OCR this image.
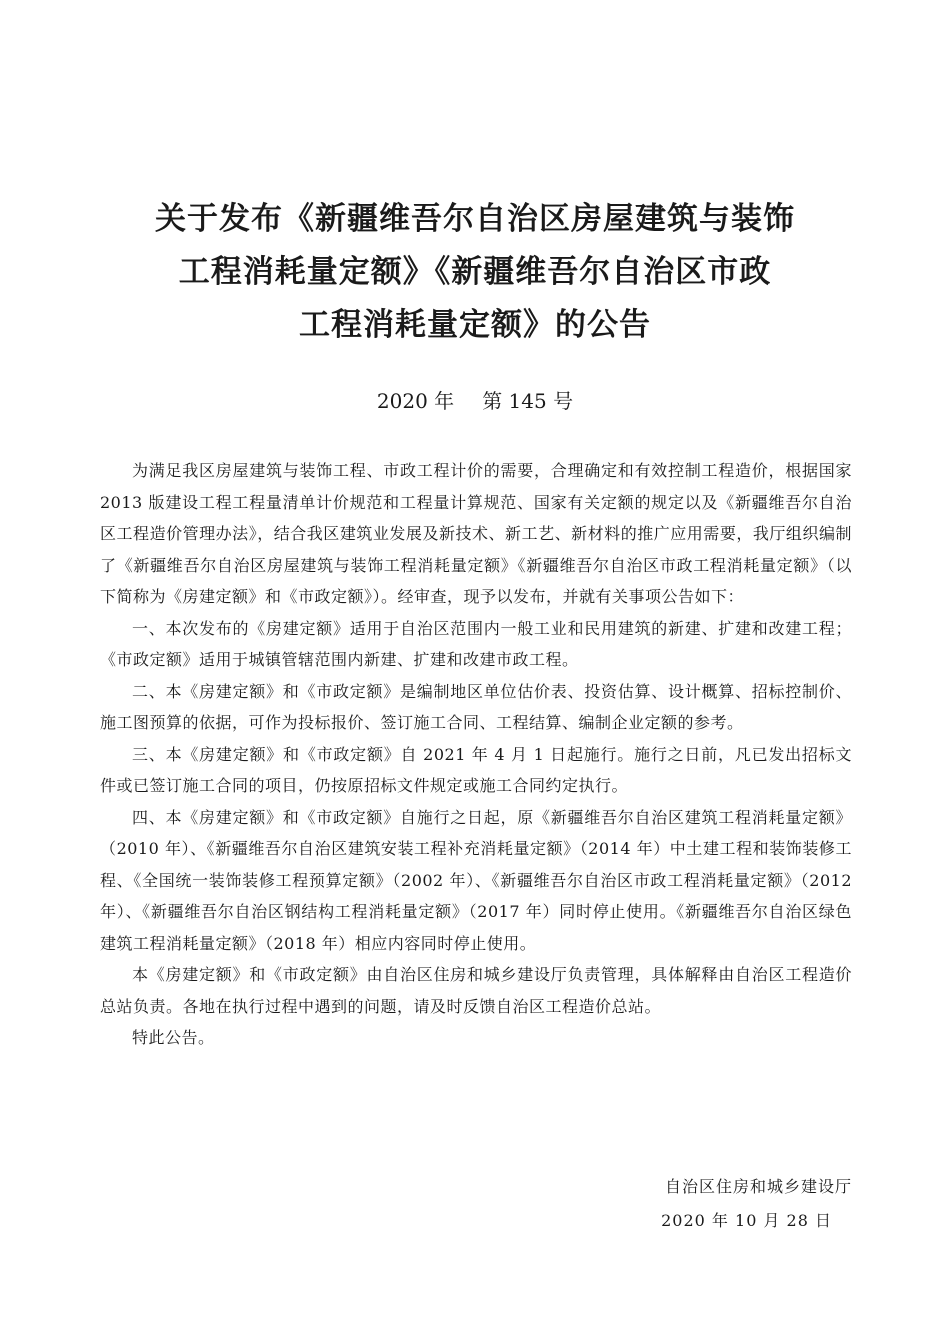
关于发布《新疆维吾尔自治区房屋建筑与装饰
工程消耗量定额》《新疆维吾尔自治区市政
工程消耗量定额》的公告
2020 年 第 145 号

为满足我区房屋建筑与装饰工程、市政工程计价的需要，合理确定和有效控制工程造价，根据国家 2013 版建设工程工程量清单计价规范和工程量计算规范、国家有关定额的规定以及《新疆维吾尔自治区工程造价管理办法》，结合我区建筑业发展及新技术、新工艺、新材料的推广应用需要，我厅组织编制了《新疆维吾尔自治区房屋建筑与装饰工程消耗量定额》《新疆维吾尔自治区市政工程消耗量定额》（以下简称为《房建定额》和《市政定额》）。经审查，现予以发布，并就有关事项公告如下：

一、本次发布的《房建定额》适用于自治区范围内一般工业和民用建筑的新建、扩建和改建工程；《市政定额》适用于城镇管辖范围内新建、扩建和改建市政工程。

二、本《房建定额》和《市政定额》是编制地区单位估价表、投资估算、设计概算、招标控制价、施工图预算的依据，可作为投标报价、签订施工合同、工程结算、编制企业定额的参考。

三、本《房建定额》和《市政定额》自 2021 年 4 月 1 日起施行。施行之日前，凡已发出招标文件或已签订施工合同的项目，仍按原招标文件规定或施工合同约定执行。

四、本《房建定额》和《市政定额》自施行之日起，原《新疆维吾尔自治区建筑工程消耗量定额》（2010 年）、《新疆维吾尔自治区建筑安装工程补充消耗量定额》（2014 年）中土建工程和装饰装修工程、《全国统一装饰装修工程预算定额》（2002 年）、《新疆维吾尔自治区市政工程消耗量定额》（2012 年）、《新疆维吾尔自治区钢结构工程消耗量定额》（2017 年）同时停止使用。《新疆维吾尔自治区绿色建筑工程消耗量定额》（2018 年）相应内容同时停止使用。

本《房建定额》和《市政定额》由自治区住房和城乡建设厅负责管理，具体解释由自治区工程造价总站负责。各地在执行过程中遇到的问题，请及时反馈自治区工程造价总站。

特此公告。

自治区住房和城乡建设厅
2020 年 10 月 28 日
